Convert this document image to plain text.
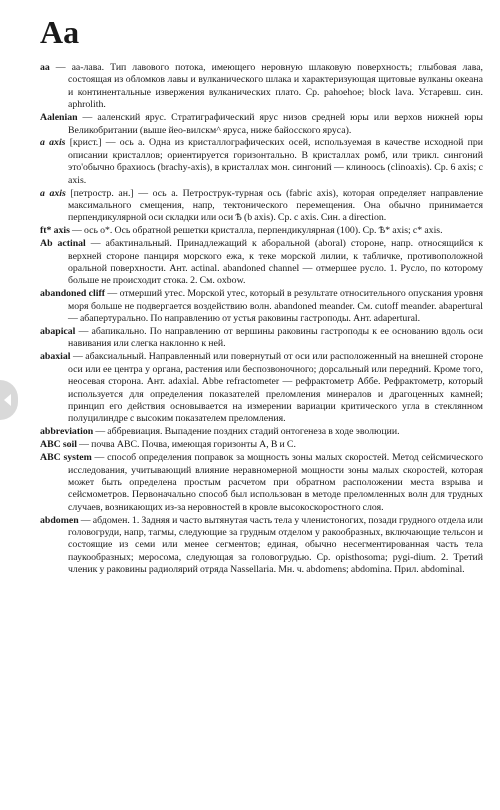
Aa

aa — аа-лава. Тип лавового потока, имеющего неровную шлаковую поверхность; глыбовая лава, состоящая из обломков лавы и вулканического шлака и характеризующая щитовые вулканы океана и континентальные извержения вулканических плато. Ср. pahoehoe; block lava. Устаревш. син. aphrolith.

Aalenian — ааленский ярус. Стратиграфический ярус низов средней юры или верхов нижней юры Великобритании (выше йео-вилскм^ яруса, ниже байосского яруса).

a axis [крист.] — ось a. Одна из кристаллографических осей, используемая в качестве исходной при описании кристаллов; ориентируется горизонтально. В кристаллах ромб, или трикл. сингоний это'обычно брахиось (brachy-axis), в кристаллах мон. сингоний — клиноось (clinoaxis). Ср. 6 axis; c axis.

a axis [петростр. ан.] — ось a. Петрострук-турная ось (fabric axis), которая определяет направление максимального смещения, напр, тектонического перемещения. Она обычно принимается перпендикулярной оси складки или оси Ѣ (b axis). Ср. c axis. Син. a direction.

ft* axis — ось o*. Ось обратной решетки кристалла, перпендикулярная (100). Ср. Ѣ* axis; c* axis.

Ab actinal — абактинальный. Принадлежащий к аборальной (aboral) стороне, напр. относящийся к верхней стороне панциря морского ежа, к теке морской лилии, к табличке, противоположной оральной поверхности. Ант. actinal. abandoned channel — отмершее русло. 1. Русло, по которому больше не происходит стока. 2. См. oxbow.

abandoned cliff — отмерший утес. Морской утес, который в результате относительного опускания уровня моря больше не подвергается воздействию волн. abandoned meander. См. cutoff meander. abapertural — абапертурально. По направлению от устья раковины гастроподы. Ант. adapertural.

abapical — абапикально. По направлению от вершины раковины гастроподы к ее основанию вдоль оси навивания или слегка наклонно к ней.

abaxial — абаксиальный. Направленный или повернутый от оси или расположенный на внешней стороне оси или ее центра у органа, растения или беспозвоночного; дорсальный или передний. Кроме того, неосевая сторона. Ант. adaxial. Abbe refractometer — рефрактометр Аббе. Рефрактометр, который используется для определения показателей преломления минералов и драгоценных камней; принцип его действия основывается на измерении вариации критического угла в стеклянном полуцилиндре с высоким показателем преломления.

abbreviation — аббревиация. Выпадение поздних стадий онтогенеза в ходе эволюции.

ABC soil — почва ABC. Почва, имеющая горизонты A, B и C.

ABC system — способ определения поправок за мощность зоны малых скоростей. Метод сейсмического исследования, учитывающий влияние неравномерной мощности зоны малых скоростей, которая может быть определена простым расчетом при обратном расположении места взрыва и сейсмометров. Первоначально способ был использован в методе преломленных волн для трудных случаев, возникающих из-за неровностей в кровле высокоскоростного слоя.

abdomen — абдомен. 1. Задняя и часто вытянутая часть тела у членистоногих, позади грудного отдела или головогруди, напр, тагмы, следующие за грудным отделом у ракообразных, включающие тельсон и состоящие из семи или менее сегментов; единая, обычно несегментированная часть тела паукообразных; меросома, следующая за головогрудью. Ср. opisthosoma; pygi-dium. 2. Третий членик у раковины радиолярий отряда Nassellaria. Мн. ч. abdomens; abdomina. Прил. abdominal.
